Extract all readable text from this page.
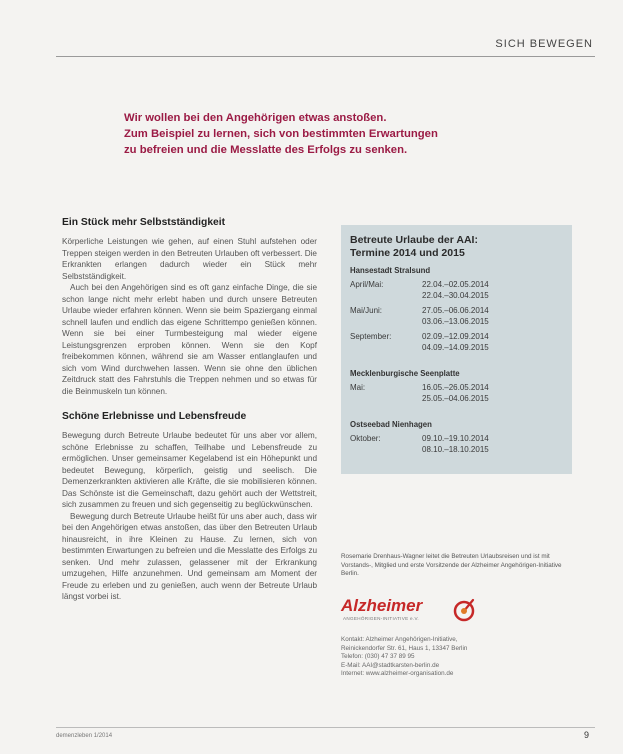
SICH BEWEGEN
Wir wollen bei den Angehörigen etwas anstoßen.
Zum Beispiel zu lernen, sich von bestimmten Erwartungen
zu befreien und die Messlatte des Erfolgs zu senken.
Ein Stück mehr Selbstständigkeit

Körperliche Leistungen wie gehen, auf einen Stuhl aufstehen oder Treppen steigen werden in den Betreuten Urlauben oft verbessert. Die Erkrankten erlangen dadurch wieder ein Stück mehr Selbstständigkeit.

Auch bei den Angehörigen sind es oft ganz einfache Dinge, die sie schon lange nicht mehr erlebt haben und durch unsere Betreuten Urlaube wieder erfahren können. Wenn sie beim Spaziergang einmal schnell laufen und endlich das eigene Schrittempo genießen können. Wenn sie bei einer Turmbesteigung mal wieder eigene Leistungsgrenzen erproben können. Wenn sie den Kopf freibekommen können, während sie am Wasser entlanglaufen und sich vom Wind durchwehen lassen. Wenn sie ohne den üblichen Zeitdruck statt des Fahrstuhls die Treppen nehmen und so etwas für die Beinmuskeln tun können.

Schöne Erlebnisse und Lebensfreude

Bewegung durch Betreute Urlaube bedeutet für uns aber vor allem, schöne Erlebnisse zu schaffen, Teilhabe und Lebensfreude zu ermöglichen. Unser gemeinsamer Kegelabend ist ein Höhepunkt und bedeutet Bewegung, körperlich, geistig und seelisch. Die Demenzerkrankten aktivieren alle Kräfte, die sie mobilisieren können. Das Schönste ist die Gemeinschaft, dazu gehört auch der Wettstreit, sich zusammen zu freuen und sich gegenseitig zu beglückwünschen.

Bewegung durch Betreute Urlaube heißt für uns aber auch, dass wir bei den Angehörigen etwas anstoßen, das über den Betreuten Urlaub hinausreicht, in ihre Kleinen zu Hause. Zu lernen, sich von bestimmten Erwartungen zu befreien und die Messlatte des Erfolgs zu senken. Und mehr zulassen, gelassener mit der Erkrankung umzugehen, Hilfe anzunehmen. Und gemeinsam am Moment der Freude zu erleben und zu genießen, auch wenn der Betreute Urlaub längst vorbei ist.

Betreute Urlaube der AAI:
Termine 2014 und 2015
Hansestadt Stralsund
April/Mai:	22.04.–02.05.2014
22.04.–30.04.2015
Mai/Juni:	27.05.–06.06.2014
03.06.–13.06.2015
September:	02.09.–12.09.2014
04.09.–14.09.2015
Mecklenburgische Seenplatte
Mai:	16.05.–26.05.2014
25.05.–04.06.2015
Ostseebad Nienhagen
Oktober:	09.10.–19.10.2014
08.10.–18.10.2015
Rosemarie Drenhaus-Wagner leitet die Betreuten Urlaubsreisen und ist mit Vorstands-, Mitglied und erste Vorsitzende der Alzheimer Angehörigen-Initiative Berlin.
Alzheimer
ANGEHÖRIGEN-INITIATIVE e.V.
Kontakt: Alzheimer Angehörigen-Initiative,
Reinickendorfer Str. 61, Haus 1, 13347 Berlin
Telefon: (030) 47 37 89 95
E-Mail: AAI@stadtkarsten-berlin.de
Internet: www.alzheimer-organisation.de
demenzleben 1/2014	9
